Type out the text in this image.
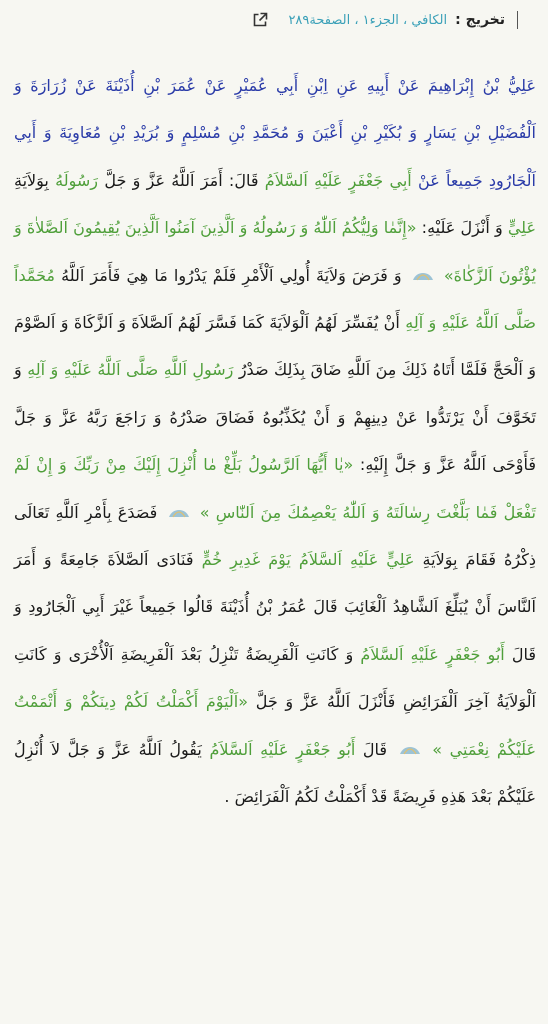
تخريج :
الكافي ، الجزء١ ، الصفحة٢٨٩
عَلِيُّ بْنُ إِبْرَاهِيمَ عَنْ أَبِيهِ عَنِ اِبْنِ أَبِي عُمَيْرٍ عَنْ عُمَرَ بْنِ أُذَيْنَةَ عَنْ زُرَارَةَ وَ اَلْفُضَيْلِ بْنِ يَسَارٍ وَ بُكَيْرِ بْنِ أَعْيَنَ وَ مُحَمَّدِ بْنِ مُسْلِمٍ وَ بُرَيْدِ بْنِ مُعَاوِيَةَ وَ أَبِي اَلْجَارُودِ جَمِيعاً عَنْ أَبِي جَعْفَرٍ عَلَيْهِ اَلسَّلاَمُ قَالَ: أَمَرَ اَللَّهُ عَزَّ وَ جَلَّ رَسُولَهُ بِوَلاَيَةِ عَلِيٍّ وَ أَنْزَلَ عَلَيْهِ: «إِنَّمٰا وَلِيُّكُمُ اَللّٰهُ وَ رَسُولُهُ وَ اَلَّذِينَ آمَنُوا اَلَّذِينَ يُقِيمُونَ اَلصَّلاٰةَ وَ يُؤْتُونَ اَلزَّكٰاةَ»  وَ فَرَضَ وَلاَيَةَ أُولِي اَلْأَمْرِ فَلَمْ يَدْرُوا مَا هِيَ فَأَمَرَ اَللَّهُ مُحَمَّداً صَلَّى اَللَّهُ عَلَيْهِ وَ آلِهِ أَنْ يُفَسِّرَ لَهُمُ اَلْوَلاَيَةَ كَمَا فَسَّرَ لَهُمُ اَلصَّلاَةَ وَ اَلزَّكَاةَ وَ اَلصَّوْمَ وَ اَلْحَجَّ فَلَمَّا أَتَاهُ ذَلِكَ مِنَ اَللَّهِ ضَاقَ بِذَلِكَ صَدْرُ رَسُولِ اَللَّهِ صَلَّى اَللَّهُ عَلَيْهِ وَ آلِهِ وَ تَخَوَّفَ أَنْ يَرْتَدُّوا عَنْ دِينِهِمْ وَ أَنْ يُكَذِّبُوهُ فَضَاقَ صَدْرُهُ وَ رَاجَعَ رَبَّهُ عَزَّ وَ جَلَّ فَأَوْحَى اَللَّهُ عَزَّ وَ جَلَّ إِلَيْهِ: «يٰا أَيُّهَا اَلرَّسُولُ بَلِّغْ مٰا أُنْزِلَ إِلَيْكَ مِنْ رَبِّكَ وَ إِنْ لَمْ تَفْعَلْ فَمٰا بَلَّغْتَ رِسٰالَتَهُ وَ اَللّٰهُ يَعْصِمُكَ مِنَ اَلنّٰاسِ »  فَصَدَعَ بِأَمْرِ اَللَّهِ تَعَالَى ذِكْرُهُ فَقَامَ بِوَلاَيَةِ عَلِيٍّ عَلَيْهِ اَلسَّلاَمُ يَوْمَ غَدِيرِ خُمٍّ فَنَادَى اَلصَّلاَةَ جَامِعَةً وَ أَمَرَ اَلنَّاسَ أَنْ يُبَلِّغَ اَلشَّاهِدُ اَلْغَائِبَ قَالَ عُمَرُ بْنُ أُذَيْنَةَ قَالُوا جَمِيعاً غَيْرَ أَبِي اَلْجَارُودِ وَ قَالَ أَبُو جَعْفَرٍ عَلَيْهِ اَلسَّلاَمُ وَ كَانَتِ اَلْفَرِيضَةُ تَنْزِلُ بَعْدَ اَلْفَرِيضَةِ اَلْأُخْرَى وَ كَانَتِ اَلْوَلاَيَةُ آخِرَ اَلْفَرَائِضِ فَأَنْزَلَ اَللَّهُ عَزَّ وَ جَلَّ «اَلْيَوْمَ أَكْمَلْتُ لَكُمْ دِينَكُمْ وَ أَتْمَمْتُ عَلَيْكُمْ نِعْمَتِي »  قَالَ أَبُو جَعْفَرٍ عَلَيْهِ اَلسَّلاَمُ يَقُولُ اَللَّهُ عَزَّ وَ جَلَّ لاَ أُنْزِلُ عَلَيْكُمْ بَعْدَ هَذِهِ فَرِيضَةً قَدْ أَكْمَلْتُ لَكُمُ اَلْفَرَائِضَ .
